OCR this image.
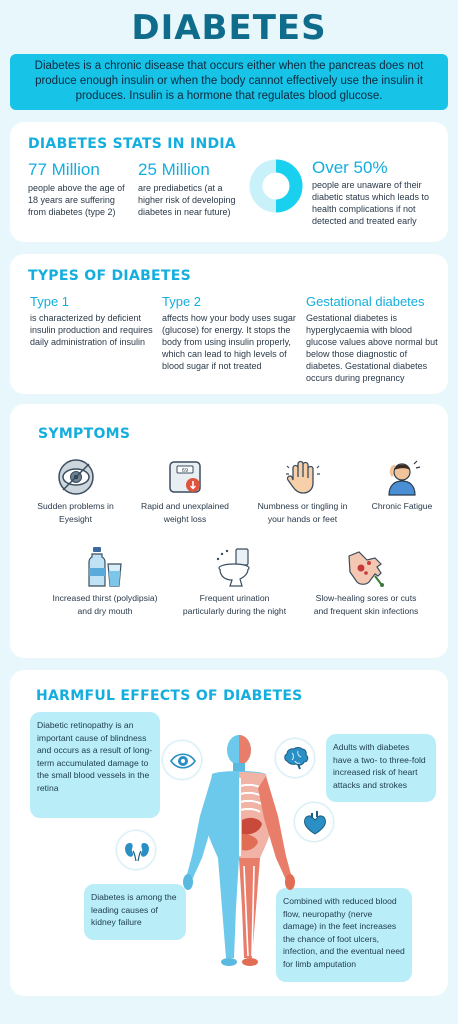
DIABETES
Diabetes is a chronic disease that occurs either when the pancreas does not produce enough insulin or when the body cannot effectively use the insulin it produces. Insulin is a hormone that regulates blood glucose.
DIABETES STATS IN INDIA
77 Million
people above the age of 18 years are suffering from diabetes (type 2)
25 Million
are prediabetics (at a higher risk of developing diabetes in near future)
Over 50%
people are unaware of their diabetic status which leads to health complications if not detected and treated early
TYPES OF DIABETES
Type 1
is characterized by deficient insulin production and requires daily administration of insulin
Type 2
affects how your body uses sugar (glucose) for energy. It stops the body from using insulin properly, which can lead to high levels of blood sugar if not treated
Gestational diabetes
Gestational diabetes is hyperglycaemia with blood glucose values above normal but below those diagnostic of diabetes. Gestational diabetes occurs during pregnancy
SYMPTOMS
Sudden problems in Eyesight
69
Rapid and unexplained weight loss
Numbness or tingling in your hands or feet
Chronic Fatigue
Increased thirst (polydipsia) and dry mouth
Frequent urination particularly during the night
Slow-healing sores or cuts and frequent skin infections
HARMFUL EFFECTS OF DIABETES
Diabetic retinopathy is an important cause of blindness and occurs as a result of long-term accumulated damage to the small blood vessels in the retina
Adults with diabetes have a two- to three-fold increased risk of heart attacks and strokes
Diabetes is among the leading causes of kidney failure
Combined with reduced blood flow, neuropathy (nerve damage) in the feet increases the chance of foot ulcers, infection, and the eventual need for limb amputation
